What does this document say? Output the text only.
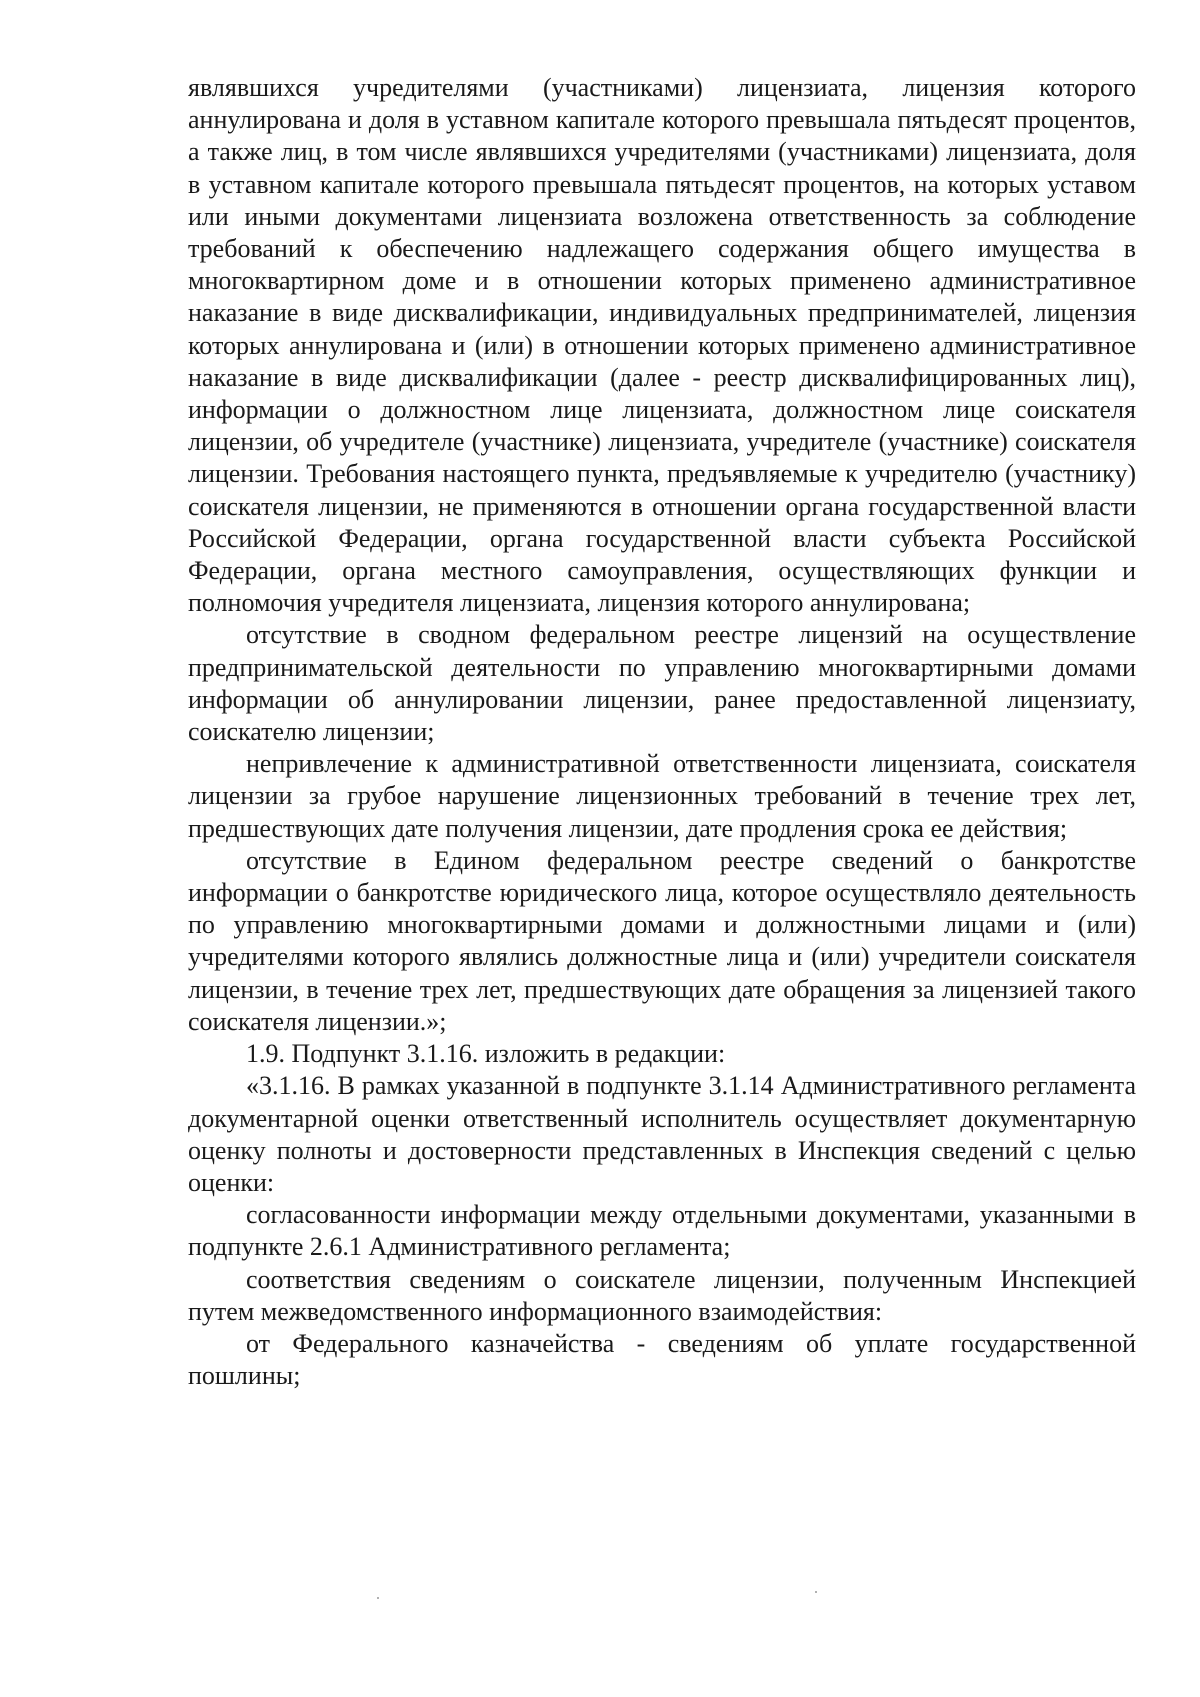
являвшихся учредителями (участниками) лицензиата, лицензия которого аннулирована и доля в уставном капитале которого превышала пятьдесят процентов, а также лиц, в том числе являвшихся учредителями (участниками) лицензиата, доля в уставном капитале которого превышала пятьдесят процентов, на которых уставом или иными документами лицензиата возложена ответственность за соблюдение требований к обеспечению надлежащего содержания общего имущества в многоквартирном доме и в отношении которых применено административное наказание в виде дисквалификации, индивидуальных предпринимателей, лицензия которых аннулирована и (или) в отношении которых применено административное наказание в виде дисквалификации (далее - реестр дисквалифицированных лиц), информации о должностном лице лицензиата, должностном лице соискателя лицензии, об учредителе (участнике) лицензиата, учредителе (участнике) соискателя лицензии. Требования настоящего пункта, предъявляемые к учредителю (участнику) соискателя лицензии, не применяются в отношении органа государственной власти Российской Федерации, органа государственной власти субъекта Российской Федерации, органа местного самоуправления, осуществляющих функции и полномочия учредителя лицензиата, лицензия которого аннулирована;

отсутствие в сводном федеральном реестре лицензий на осуществление предпринимательской деятельности по управлению многоквартирными домами информации об аннулировании лицензии, ранее предоставленной лицензиату, соискателю лицензии;

непривлечение к административной ответственности лицензиата, соискателя лицензии за грубое нарушение лицензионных требований в течение трех лет, предшествующих дате получения лицензии, дате продления срока ее действия;

отсутствие в Едином федеральном реестре сведений о банкротстве информации о банкротстве юридического лица, которое осуществляло деятельность по управлению многоквартирными домами и должностными лицами и (или) учредителями которого являлись должностные лица и (или) учредители соискателя лицензии, в течение трех лет, предшествующих дате обращения за лицензией такого соискателя лицензии.»;

1.9. Подпункт 3.1.16. изложить в редакции:

«3.1.16. В рамках указанной в подпункте 3.1.14 Административного регламента документарной оценки ответственный исполнитель осуществляет документарную оценку полноты и достоверности представленных в Инспекция сведений с целью оценки:

согласованности информации между отдельными документами, указанными в подпункте 2.6.1 Административного регламента;

соответствия сведениям о соискателе лицензии, полученным Инспекцией путем межведомственного информационного взаимодействия:

от Федерального казначейства - сведениям об уплате государственной пошлины;
